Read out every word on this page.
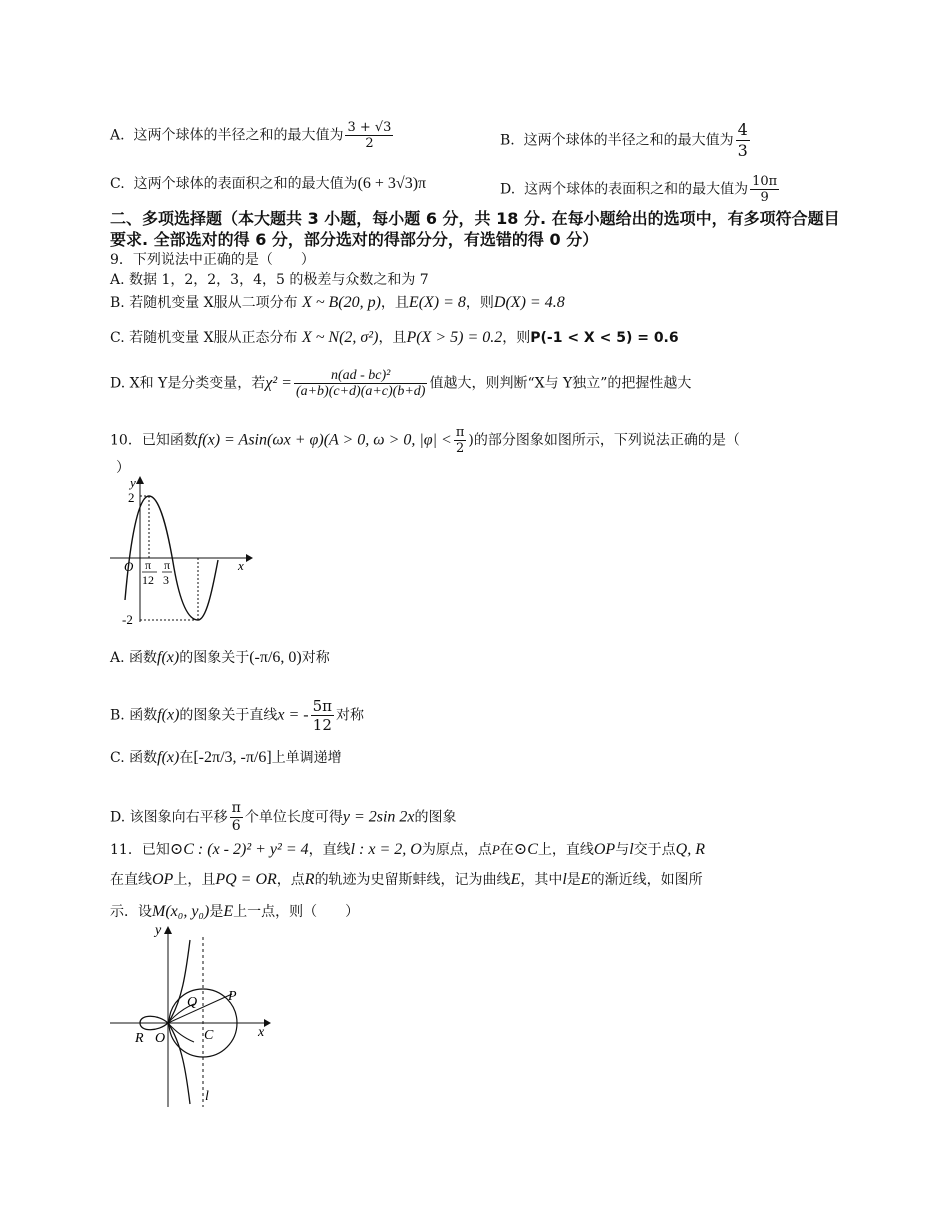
A. 这两个球体的半径之和的最大值为 $\frac{3 + √3}{2}$	B. 这两个球体的半径之和的最大值为 $\frac{4}{3}$
C. 这两个球体的表面积之和的最大值为(6 + 3√3)π	D. 这两个球体的表面积之和的最大值为 $\frac{10\pi}{9}$
二、多项选择题（本大题共 3 小题，每小题 6 分，共 18 分. 在每小题给出的选项中，有多项符合题目要求. 全部选对的得 6 分，部分选对的得部分分，有选错的得 0 分）
9．下列说法中正确的是（　　）
A. 数据 1，2，2，3，4，5 的极差与众数之和为 7
B. 若随机变量 X服从二项分布 X ~ B(20, p)，且E(X) = 8，则D(X) = 4.8
C. 若随机变量 X服从正态分布 X ~ N(2, σ²)，且P(X > 5) = 0.2，则P(-1 < X < 5) = 0.6
D. X和 Y是分类变量，若$\chi^2 = \frac{\text{n(ad - bc)²}}{(a+b)(c+d)(a+c)(b+d)}$ 值越大，则判断“X与 Y独立”的把握性越大
10．已知函数f(x) = Asin(ωx + φ)(A > 0, ω > 0, $|\varphi| < \frac{\pi}{2}$ )的部分图象如图所示，下列说法正确的是（
）
y
x
O
2
-2
π
12
π
3
A. 函数f(x)的图象关于(-π/6, 0)对称
B. 函数f(x)的图象关于直线x = - $\frac{5\pi}{12}$ 对称
C. 函数f(x)在[-2π/3, -π/6]上单调递增
D. 该图象向右平移 $\frac{\pi}{6}$ 个单位长度可得y = 2sin 2x的图象
11．已知⊙C : (x - 2)² + y² = 4，直线l : x = 2, O为原点，点P在⊙C上，直线OP与l交于点Q, R
在直线OP上，且PQ = OR，点R的轨迹为史留斯蚌线，记为曲线E，其中l是E的渐近线，如图所
示．设M(x₀, y₀)是E上一点，则（　　）
y
x
O
R
Q P
C
l
